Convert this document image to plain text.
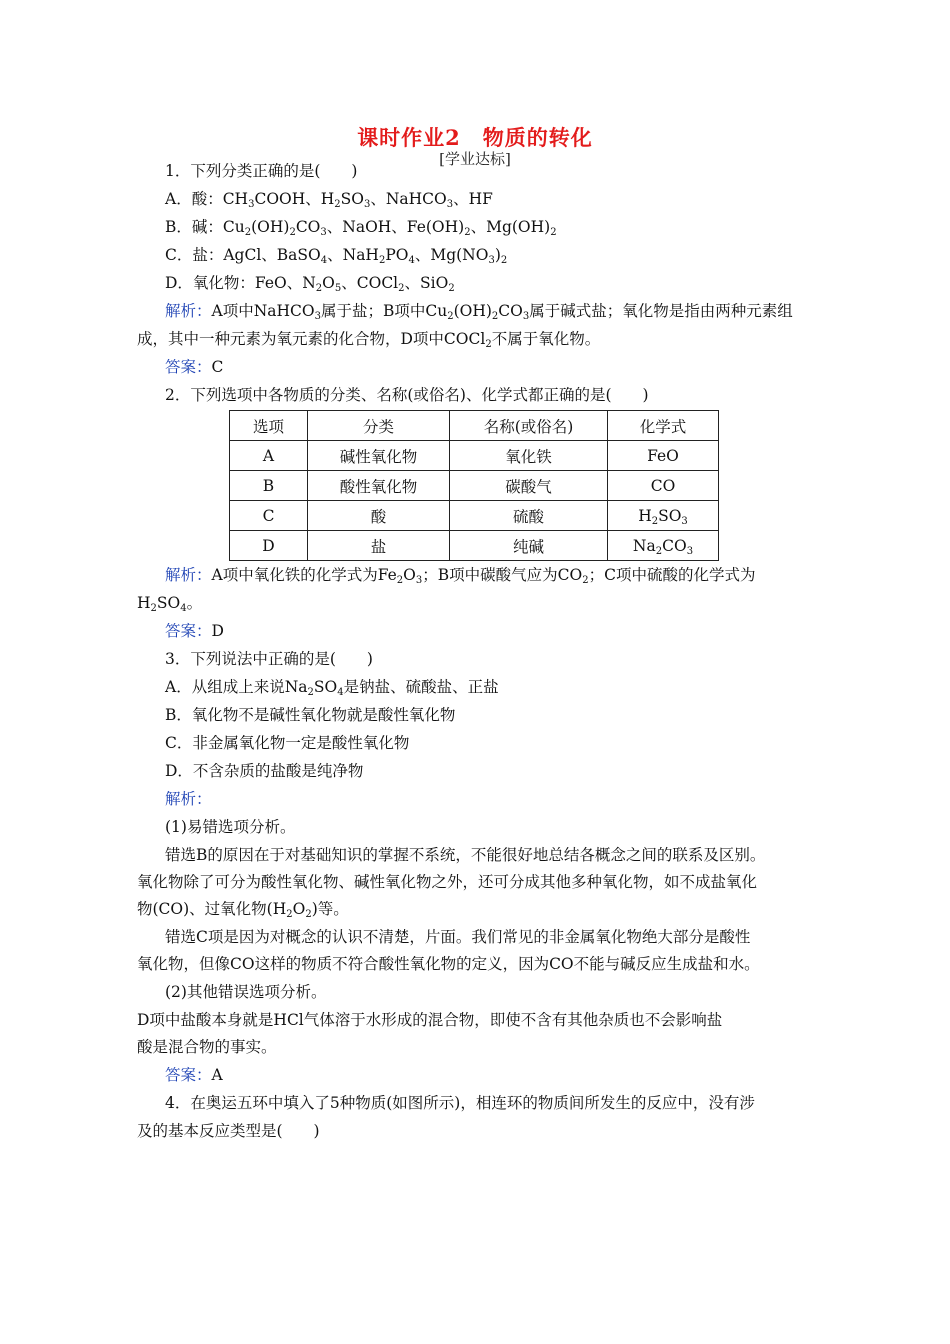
课时作业2　物质的转化
[学业达标]
1．下列分类正确的是(　　)
A．酸：$CH_3COOH$、$H_2SO_3$、NaHCO$_3$、HF
B．碱：$Cu_2(OH)_2CO_3$、NaOH、$Fe(OH)_2$、$Mg(OH)_2$
C．盐：AgCl、BaSO$_4$、$NaH_2PO_4$、$Mg(NO_3)_2$
D．氧化物：FeO、$N_2O_5$、COCl$_2$、SiO$_2$
解析：A项中NaHCO$_3$属于盐；B项中$Cu_2(OH)_2CO_3$属于碱式盐；氧化物是指由两种元素组
成，其中一种元素为氧元素的化合物，D项中COCl$_2$不属于氧化物。
答案：C
2．下列选项中各物质的分类、名称(或俗名)、化学式都正确的是(　　)
选项	分类	名称(或俗名)	化学式
A	碱性氧化物	氧化铁	FeO
B	酸性氧化物	碳酸气	CO
C	酸	硫酸	$H_2SO_3$
D	盐	纯碱	$Na_2CO_3$
解析：A项中氧化铁的化学式为$Fe_2O_3$；B项中碳酸气应为$CO_2$；C项中硫酸的化学式为
$H_2SO_4$。
答案：D
3．下列说法中正确的是(　　)
A．从组成上来说$Na_2SO_4$是钠盐、硫酸盐、正盐
B．氧化物不是碱性氧化物就是酸性氧化物
C．非金属氧化物一定是酸性氧化物
D．不含杂质的盐酸是纯净物
解析：
(1)易错选项分析。
错选B的原因在于对基础知识的掌握不系统，不能很好地总结各概念之间的联系及区别。
氧化物除了可分为酸性氧化物、碱性氧化物之外，还可分成其他多种氧化物，如不成盐氧化
物(CO)、过氧化物$(H_2O_2)$等。
错选C项是因为对概念的认识不清楚，片面。我们常见的非金属氧化物绝大部分是酸性
氧化物，但像CO这样的物质不符合酸性氧化物的定义，因为CO不能与碱反应生成盐和水。
(2)其他错误选项分析。
D项中盐酸本身就是HCl气体溶于水形成的混合物，即使不含有其他杂质也不会影响盐
酸是混合物的事实。
答案：A
4．在奥运五环中填入了5种物质(如图所示)，相连环的物质间所发生的反应中，没有涉
及的基本反应类型是(　　)
